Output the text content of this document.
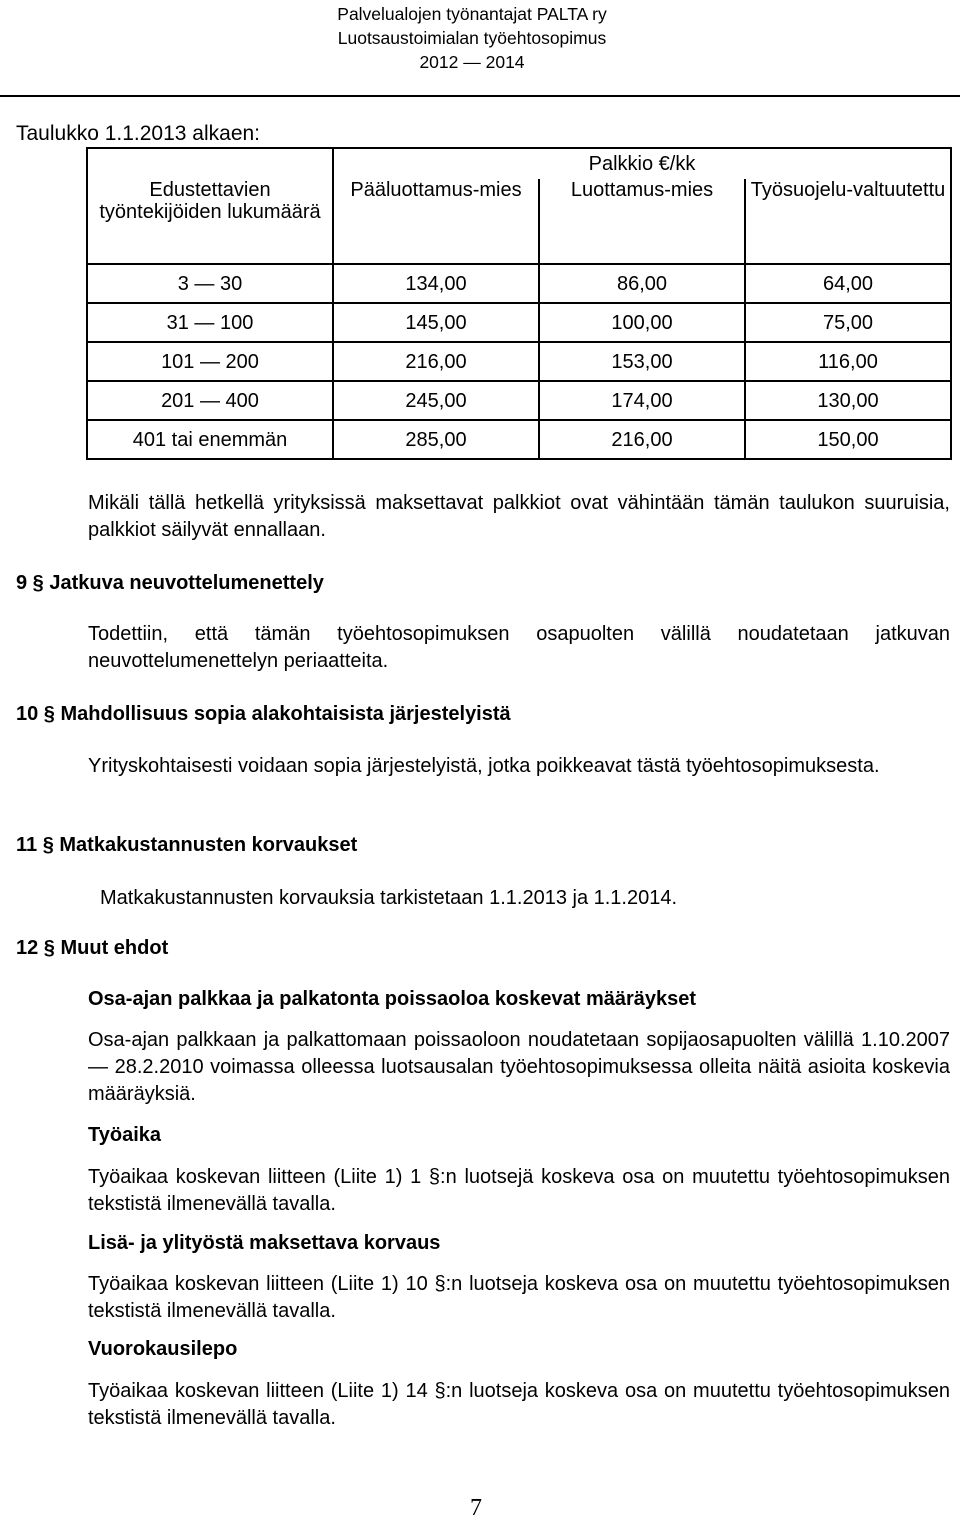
Palvelualojen työnantajat PALTA ry
Luotsaustoimialan työehtosopimus
2012 — 2014
Taulukko 1.1.2013 alkaen:
Edustettavien työntekijöiden lukumäärä	Palkkio €/kk		
	Pääluottamus-mies	Luottamus-mies	Työsuojelu-valtuutettu
3 — 30	134,00	86,00	64,00
31 — 100	145,00	100,00	75,00
101 — 200	216,00	153,00	116,00
201 — 400	245,00	174,00	130,00
401 tai enemmän	285,00	216,00	150,00
Mikäli tällä hetkellä yrityksissä maksettavat palkkiot ovat vähintään tämän taulukon suuruisia, palkkiot säilyvät ennallaan.
9 § Jatkuva neuvottelumenettely
Todettiin, että tämän työehtosopimuksen osapuolten välillä noudatetaan jatkuvan neuvottelumenettelyn periaatteita.
10 § Mahdollisuus sopia alakohtaisista järjestelyistä
Yrityskohtaisesti voidaan sopia järjestelyistä, jotka poikkeavat tästä työehtosopimuksesta.
11 § Matkakustannusten korvaukset
Matkakustannusten korvauksia tarkistetaan 1.1.2013 ja 1.1.2014.
12 § Muut ehdot
Osa-ajan palkkaa ja palkatonta poissaoloa koskevat määräykset
Osa-ajan palkkaan ja palkattomaan poissaoloon noudatetaan sopijaosapuolten välillä 1.10.2007 — 28.2.2010 voimassa olleessa luotsausalan työehtosopimuksessa olleita näitä asioita koskevia määräyksiä.
Työaika
Työaikaa koskevan liitteen (Liite 1) 1 §:n luotsejä koskeva osa on muutettu työehtosopimuksen tekstistä ilmenevällä tavalla.
Lisä- ja ylityöstä maksettava korvaus
Työaikaa koskevan liitteen (Liite 1) 10 §:n luotseja koskeva osa on muutettu työehtosopimuksen tekstistä ilmenevällä tavalla.
Vuorokausilepo
Työaikaa koskevan liitteen (Liite 1) 14 §:n luotseja koskeva osa on muutettu työehtosopimuksen tekstistä ilmenevällä tavalla.
7
